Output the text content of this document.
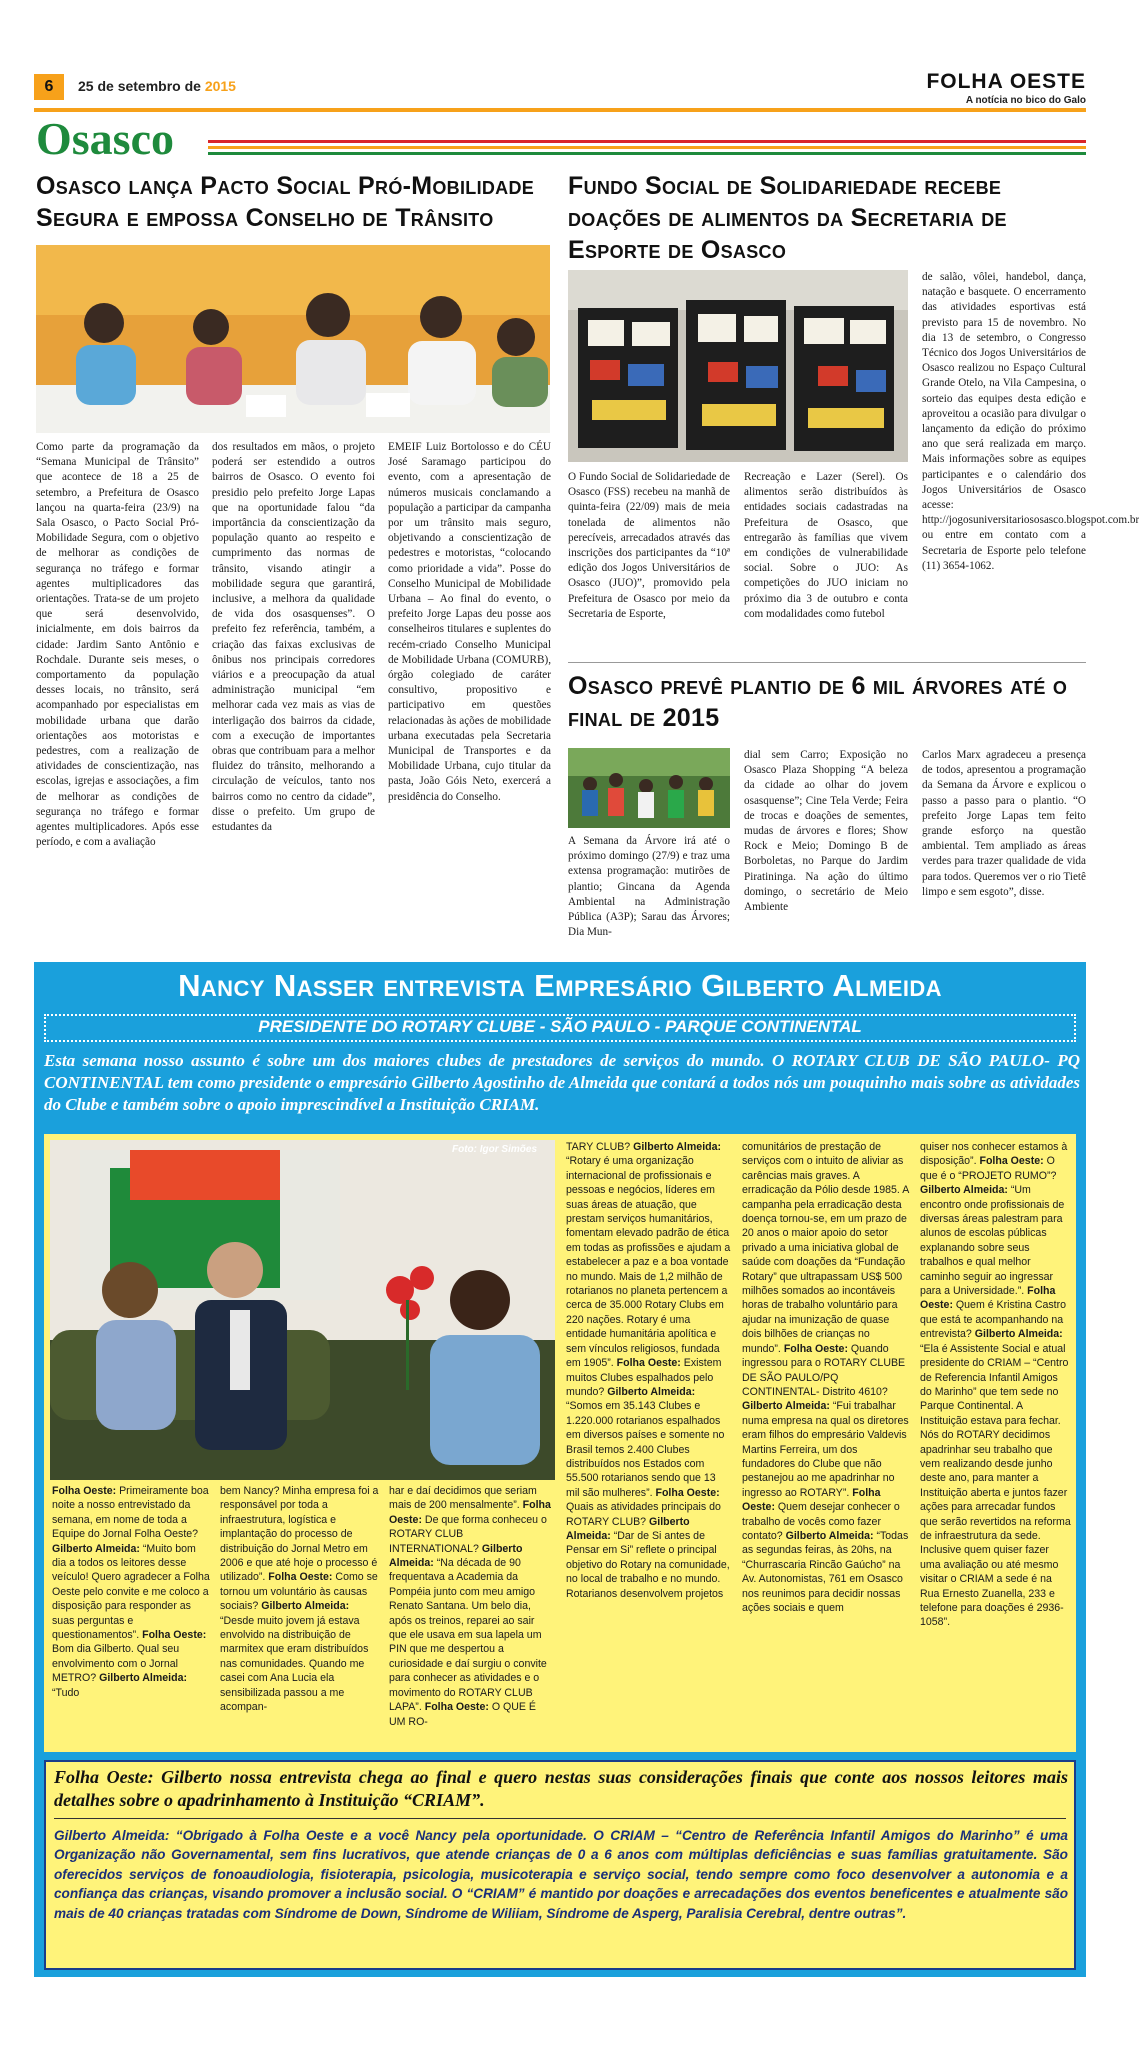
6	25 de setembro de 2015	FOLHA OESTE
A notícia no bico do Galo
Osasco
Osasco lança Pacto Social Pró-Mobilidade Segura e empossa Conselho de Trânsito
Como parte da programação da “Semana Municipal de Trânsito” que acontece de 18 a 25 de setembro, a Prefeitura de Osasco lançou na quarta-feira (23/9) na Sala Osasco, o Pacto Social Pró-Mobilidade Segura, com o objetivo de melhorar as condições de segurança no tráfego e formar agentes multiplicadores das orientações. Trata-se de um projeto que será desenvolvido, inicialmente, em dois bairros da cidade: Jardim Santo Antônio e Rochdale. Durante seis meses, o comportamento da população desses locais, no trânsito, será acompanhado por especialistas em mobilidade urbana que darão orientações aos motoristas e pedestres, com a realização de atividades de conscientização, nas escolas, igrejas e associações, a fim de melhorar as condições de segurança no tráfego e formar agentes multiplicadores. Após esse período, e com a avaliação
dos resultados em mãos, o projeto poderá ser estendido a outros bairros de Osasco. O evento foi presidio pelo prefeito Jorge Lapas que na oportunidade falou “da importância da conscientização da população quanto ao respeito e cumprimento das normas de trânsito, visando atingir a mobilidade segura que garantirá, inclusive, a melhora da qualidade de vida dos osasquenses”. O prefeito fez referência, também, a criação das faixas exclusivas de ônibus nos principais corredores viários e a preocupação da atual administração municipal “em melhorar cada vez mais as vias de interligação dos bairros da cidade, com a execução de importantes obras que contribuam para a melhor fluidez do trânsito, melhorando a circulação de veículos, tanto nos bairros como no centro da cidade”, disse o prefeito. Um grupo de estudantes da
EMEIF Luiz Bortolosso e do CÉU José Saramago participou do evento, com a apresentação de números musicais conclamando a população a participar da campanha por um trânsito mais seguro, objetivando a conscientização de pedestres e motoristas, “colocando como prioridade a vida”. Posse do Conselho Municipal de Mobilidade Urbana – Ao final do evento, o prefeito Jorge Lapas deu posse aos conselheiros titulares e suplentes do recém-criado Conselho Municipal de Mobilidade Urbana (COMURB), órgão colegiado de caráter consultivo, propositivo e participativo em questões relacionadas às ações de mobilidade urbana executadas pela Secretaria Municipal de Transportes e da Mobilidade Urbana, cujo titular da pasta, João Góis Neto, exercerá a presidência do Conselho.
Fundo Social de Solidariedade recebe doações de alimentos da Secretaria de Esporte de Osasco
de salão, vôlei, handebol, dança, natação e basquete. O encerramento das atividades esportivas está previsto para 15 de novembro. No dia 13 de setembro, o Congresso Técnico dos Jogos Universitários de Osasco realizou no Espaço Cultural Grande Otelo, na Vila Campesina, o sorteio das equipes desta edição e aproveitou a ocasião para divulgar o lançamento da edição do próximo ano que será realizada em março. Mais informações sobre as equipes participantes e o calendário dos Jogos Universitários de Osasco acesse: http://jogosuniversitariososasco.blogspot.com.br ou entre em contato com a Secretaria de Esporte pelo telefone (11) 3654-1062.
O Fundo Social de Solidariedade de Osasco (FSS) recebeu na manhã de quinta-feira (22/09) mais de meia tonelada de alimentos não perecíveis, arrecadados através das inscrições dos participantes da “10ª edição dos Jogos Universitários de Osasco (JUO)”, promovido pela Prefeitura de Osasco por meio da Secretaria de Esporte,
Recreação e Lazer (Serel). Os alimentos serão distribuídos às entidades sociais cadastradas na Prefeitura de Osasco, que entregarão às famílias que vivem em condições de vulnerabilidade social. Sobre o JUO: As competições do JUO iniciam no próximo dia 3 de outubro e conta com modalidades como futebol
Osasco prevê plantio de 6 mil árvores até o final de 2015
A Semana da Árvore irá até o próximo domingo (27/9) e traz uma extensa programação: mutirões de plantio; Gincana da Agenda Ambiental na Administração Pública (A3P); Sarau das Árvores; Dia Mun-
dial sem Carro; Exposição no Osasco Plaza Shopping “A beleza da cidade ao olhar do jovem osasquense”; Cine Tela Verde; Feira de trocas e doações de sementes, mudas de árvores e flores; Show Rock e Meio; Domingo B de Borboletas, no Parque do Jardim Piratininga. Na ação do último domingo, o secretário de Meio Ambiente
Carlos Marx agradeceu a presença de todos, apresentou a programação da Semana da Árvore e explicou o passo a passo para o plantio. “O prefeito Jorge Lapas tem feito grande esforço na questão ambiental. Tem ampliado as áreas verdes para trazer qualidade de vida para todos. Queremos ver o rio Tietê limpo e sem esgoto”, disse.
Nancy Nasser entrevista Empresário Gilberto Almeida
PRESIDENTE DO ROTARY CLUBE - SÃO PAULO - PARQUE CONTINENTAL
Esta semana nosso assunto é sobre um dos maiores clubes de prestadores de serviços do mundo. O ROTARY CLUB DE SÃO PAULO- PQ CONTINENTAL tem como presidente o empresário Gilberto Agostinho de Almeida que contará a todos nós um pouquinho mais sobre as atividades do Clube e também sobre o apoio imprescindível a Instituição CRIAM.
Foto: Igor Simões
Folha Oeste: Primeiramente boa noite a nosso entrevistado da semana, em nome de toda a Equipe do Jornal Folha Oeste? Gilberto Almeida: “Muito bom dia a todos os leitores desse veículo! Quero agradecer a Folha Oeste pelo convite e me coloco a disposição para responder as suas perguntas e questionamentos”. Folha Oeste: Bom dia Gilberto. Qual seu envolvimento com o Jornal METRO? Gilberto Almeida: “Tudo
bem Nancy? Minha empresa foi a responsável por toda a infraestrutura, logística e implantação do processo de distribuição do Jornal Metro em 2006 e que até hoje o processo é utilizado”. Folha Oeste: Como se tornou um voluntário às causas sociais? Gilberto Almeida: “Desde muito jovem já estava envolvido na distribuição de marmitex que eram distribuídos nas comunidades. Quando me casei com Ana Lucia ela sensibilizada passou a me acompan-
har e daí decidimos que seriam mais de 200 mensalmente”. Folha Oeste: De que forma conheceu o ROTARY CLUB INTERNATIONAL? Gilberto Almeida: “Na década de 90 frequentava a Academia da Pompéia junto com meu amigo Renato Santana. Um belo dia, após os treinos, reparei ao sair que ele usava em sua lapela um PIN que me despertou a curiosidade e daí surgiu o convite para conhecer as atividades e o movimento do ROTARY CLUB LAPA”. Folha Oeste: O QUE É UM RO-
TARY CLUB? Gilberto Almeida: “Rotary é uma organização internacional de profissionais e pessoas e negócios, líderes em suas áreas de atuação, que prestam serviços humanitários, fomentam elevado padrão de ética em todas as profissões e ajudam a estabelecer a paz e a boa vontade no mundo. Mais de 1,2 milhão de rotarianos no planeta pertencem a cerca de 35.000 Rotary Clubs em 220 nações. Rotary é uma entidade humanitária apolítica e sem vínculos religiosos, fundada em 1905”. Folha Oeste: Existem muitos Clubes espalhados pelo mundo? Gilberto Almeida: “Somos em 35.143 Clubes e 1.220.000 rotarianos espalhados em diversos países e somente no Brasil temos 2.400 Clubes distribuídos nos Estados com 55.500 rotarianos sendo que 13 mil são mulheres”. Folha Oeste: Quais as atividades principais do ROTARY CLUB? Gilberto Almeida: “Dar de Si antes de Pensar em Si” reflete o principal objetivo do Rotary na comunidade, no local de trabalho e no mundo. Rotarianos desenvolvem projetos
comunitários de prestação de serviços com o intuito de aliviar as carências mais graves. A erradicação da Pólio desde 1985. A campanha pela erradicação desta doença tornou-se, em um prazo de 20 anos o maior apoio do setor privado a uma iniciativa global de saúde com doações da “Fundação Rotary” que ultrapassam US$ 500 milhões somados ao incontáveis horas de trabalho voluntário para ajudar na imunização de quase dois bilhões de crianças no mundo”. Folha Oeste: Quando ingressou para o ROTARY CLUBE DE SÃO PAULO/PQ CONTINENTAL- Distrito 4610? Gilberto Almeida: “Fui trabalhar numa empresa na qual os diretores eram filhos do empresário Valdevis Martins Ferreira, um dos fundadores do Clube que não pestanejou ao me apadrinhar no ingresso ao ROTARY”. Folha Oeste: Quem desejar conhecer o trabalho de vocês como fazer contato? Gilberto Almeida: “Todas as segundas feiras, às 20hs, na “Churrascaria Rincão Gaúcho” na Av. Autonomistas, 761 em Osasco nos reunimos para decidir nossas ações sociais e quem
quiser nos conhecer estamos à disposição”. Folha Oeste: O que é o “PROJETO RUMO”? Gilberto Almeida: “Um encontro onde profissionais de diversas áreas palestram para alunos de escolas públicas explanando sobre seus trabalhos e qual melhor caminho seguir ao ingressar para a Universidade.”. Folha Oeste: Quem é Kristina Castro que está te acompanhando na entrevista? Gilberto Almeida: “Ela é Assistente Social e atual presidente do CRIAM – “Centro de Referencia Infantil Amigos do Marinho” que tem sede no Parque Continental. A Instituição estava para fechar. Nós do ROTARY decidimos apadrinhar seu trabalho que vem realizando desde junho deste ano, para manter a Instituição aberta e juntos fazer ações para arrecadar fundos que serão revertidos na reforma de infraestrutura da sede. Inclusive quem quiser fazer uma avaliação ou até mesmo visitar o CRIAM a sede é na Rua Ernesto Zuanella, 233 e telefone para doações é 2936-1058”.
Folha Oeste: Gilberto nossa entrevista chega ao final e quero nestas suas considerações finais que conte aos nossos leitores mais detalhes sobre o apadrinhamento à Instituição “CRIAM”.
Gilberto Almeida: “Obrigado à Folha Oeste e a você Nancy pela oportunidade. O CRIAM – “Centro de Referência Infantil Amigos do Marinho” é uma Organização não Governamental, sem fins lucrativos, que atende crianças de 0 a 6 anos com múltiplas deficiências e suas famílias gratuitamente. São oferecidos serviços de fonoaudiologia, fisioterapia, psicologia, musicoterapia e serviço social, tendo sempre como foco desenvolver a autonomia e a confiança das crianças, visando promover a inclusão social. O “CRIAM” é mantido por doações e arrecadações dos eventos beneficentes e atualmente são mais de 40 crianças tratadas com Síndrome de Down, Síndrome de Wiliiam, Síndrome de Asperg, Paralisia Cerebral, dentre outras”.
